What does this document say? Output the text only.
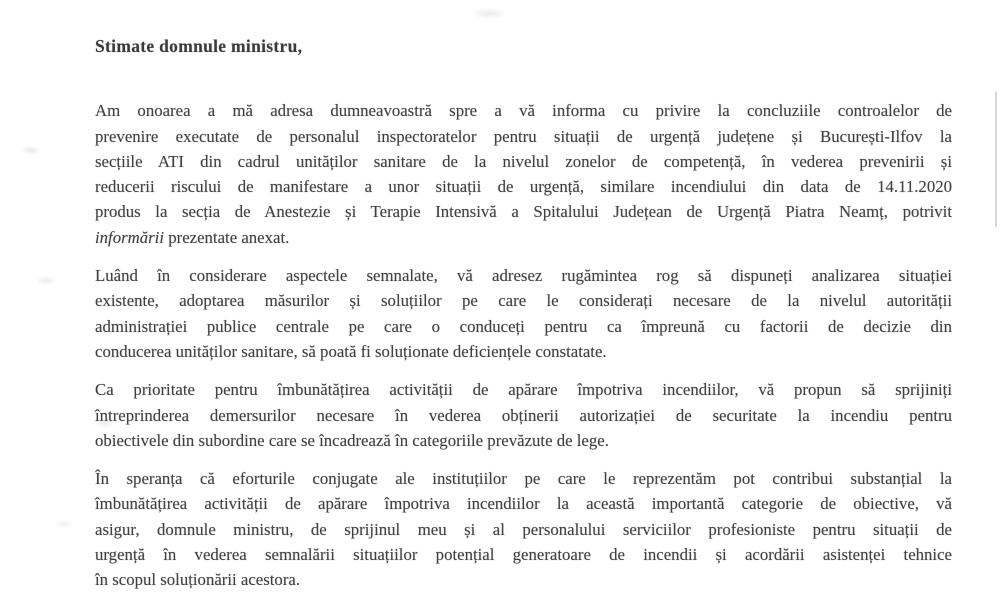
Stimate domnule ministru,
Am onoarea a mă adresa dumneavoastră spre a vă informa cu privire la concluziile controalelor de
prevenire executate de personalul inspectoratelor pentru situații de urgență județene și București-Ilfov la
secțiile ATI din cadrul unităților sanitare de la nivelul zonelor de competență, în vederea prevenirii și
reducerii riscului de manifestare a unor situații de urgență, similare incendiului din data de 14.11.2020
produs la secția de Anestezie și Terapie Intensivă a Spitalului Județean de Urgență Piatra Neamț, potrivit
informării prezentate anexat.
Luând în considerare aspectele semnalate, vă adresez rugămintea rog să dispuneți analizarea situației
existente, adoptarea măsurilor și soluțiilor pe care le considerați necesare de la nivelul autorității
administrației publice centrale pe care o conduceți pentru ca împreună cu factorii de decizie din
conducerea unităților sanitare, să poată fi soluționate deficiențele constatate.
Ca prioritate pentru îmbunătățirea activității de apărare împotriva incendiilor, vă propun să sprijiniți
întreprinderea demersurilor necesare în vederea obținerii autorizației de securitate la incendiu pentru
obiectivele din subordine care se încadrează în categoriile prevăzute de lege.
În speranța că eforturile conjugate ale instituțiilor pe care le reprezentăm pot contribui substanțial la
îmbunătățirea activității de apărare împotriva incendiilor la această importantă categorie de obiective, vă
asigur, domnule ministru, de sprijinul meu și al personalului serviciilor profesioniste pentru situații de
urgență în vederea semnalării situațiilor potențial generatoare de incendii și acordării asistenței tehnice
în scopul soluționării acestora.
